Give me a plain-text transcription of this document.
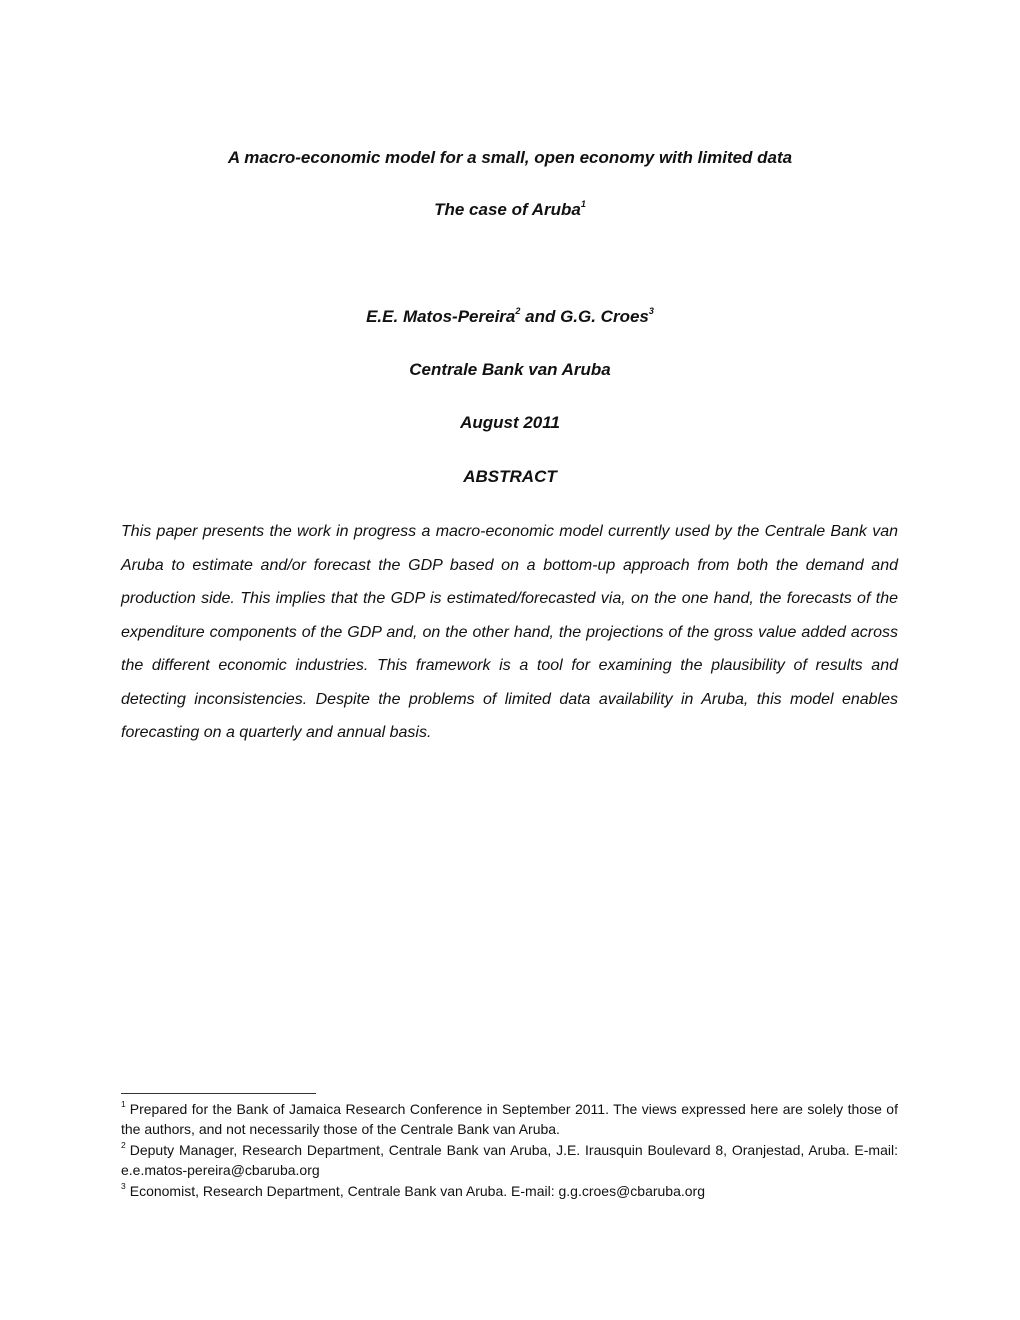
A macro-economic model for a small, open economy with limited data
The case of Aruba$^1$
E.E. Matos-Pereira$^2$ and G.G. Croes$^3$
Centrale Bank van Aruba
August 2011
ABSTRACT

This paper presents the work in progress a macro-economic model currently used by the Centrale Bank van Aruba to estimate and/or forecast the GDP based on a bottom-up approach from both the demand and production side. This implies that the GDP is estimated/forecasted via, on the one hand, the forecasts of the expenditure components of the GDP and, on the other hand, the projections of the gross value added across the different economic industries. This framework is a tool for examining the plausibility of results and detecting inconsistencies. Despite the problems of limited data availability in Aruba, this model enables forecasting on a quarterly and annual basis.

$^1$ Prepared for the Bank of Jamaica Research Conference in September 2011. The views expressed here are solely those of the authors, and not necessarily those of the Centrale Bank van Aruba.

$^2$ Deputy Manager, Research Department, Centrale Bank van Aruba, J.E. Irausquin Boulevard 8, Oranjestad, Aruba. E-mail: e.e.matos-pereira@cbaruba.org

$^3$ Economist, Research Department, Centrale Bank van Aruba. E-mail: g.g.croes@cbaruba.org
